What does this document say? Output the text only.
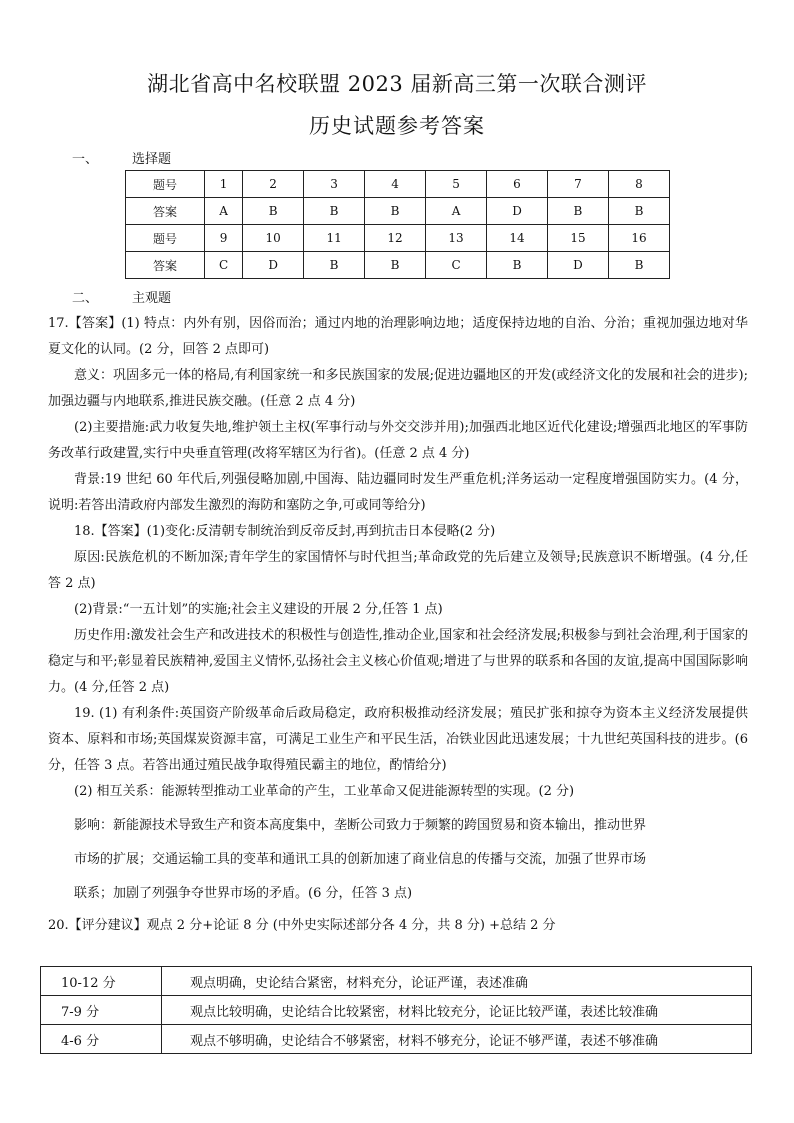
湖北省高中名校联盟 2023 届新高三第一次联合测评
历史试题参考答案
一、	选择题
题号	1	2	3	4	5	6	7	8
答案	A	B	B	B	A	D	B	B
题号	9	10	11	12	13	14	15	16
答案	C	D	B	B	C	B	D	B
二、	主观题

17.【答案】(1) 特点：内外有别，因俗而治；通过内地的治理影响边地；适度保持边地的自治、分治；重视加强边地对华夏文化的认同。(2 分，回答 2 点即可)

意义：巩固多元一体的格局,有利国家统一和多民族国家的发展;促进边疆地区的开发(或经济文化的发展和社会的进步);加强边疆与内地联系,推进民族交融。(任意 2 点 4 分)

(2)主要措施:武力收复失地,维护领土主权(军事行动与外交交涉并用);加强西北地区近代化建设;增强西北地区的军事防务改革行政建置,实行中央垂直管理(改将军辖区为行省)。(任意 2 点 4 分)

背景:19 世纪 60 年代后,列强侵略加剧,中国海、陆边疆同时发生严重危机;洋务运动一定程度增强国防实力。(4 分，说明:若答出清政府内部发生激烈的海防和塞防之争,可或同等给分)

18.【答案】(1)变化:反清朝专制统治到反帝反封,再到抗击日本侵略(2 分)

原因:民族危机的不断加深;青年学生的家国情怀与时代担当;革命政党的先后建立及领导;民族意识不断增强。(4 分,任答 2 点)

(2)背景:“一五计划”的实施;社会主义建设的开展 2 分,任答 1 点)

历史作用:激发社会生产和改进技术的积极性与创造性,推动企业,国家和社会经济发展;积极参与到社会治理,利于国家的稳定与和平;彰显着民族精神,爱国主义情怀,弘扬社会主义核心价值观;增进了与世界的联系和各国的友谊,提高中国国际影响力。(4 分,任答 2 点)

19. (1) 有利条件:英国资产阶级革命后政局稳定，政府积极推动经济发展；殖民扩张和掠夺为资本主义经济发展提供资本、原料和市场;英国煤炭资源丰富，可满足工业生产和平民生活，冶铁业因此迅速发展；十九世纪英国科技的进步。(6 分，任答 3 点。若答出通过殖民战争取得殖民霸主的地位，酌情给分)

(2) 相互关系：能源转型推动工业革命的产生，工业革命又促进能源转型的实现。(2 分)

影响：新能源技术导致生产和资本高度集中，垄断公司致力于频繁的跨国贸易和资本输出，推动世界

市场的扩展；交通运输工具的变革和通讯工具的创新加速了商业信息的传播与交流，加强了世界市场

联系；加剧了列强争夺世界市场的矛盾。(6 分，任答 3 点)

20.【评分建议】观点 2 分+论证 8 分 (中外史实际述部分各 4 分，共 8 分) +总结 2 分

10-12 分	观点明确，史论结合紧密，材料充分，论证严谨，表述准确
7-9 分	观点比较明确，史论结合比较紧密，材料比较充分，论证比较严谨，表述比较准确
4-6 分	观点不够明确，史论结合不够紧密，材料不够充分，论证不够严谨，表述不够准确
